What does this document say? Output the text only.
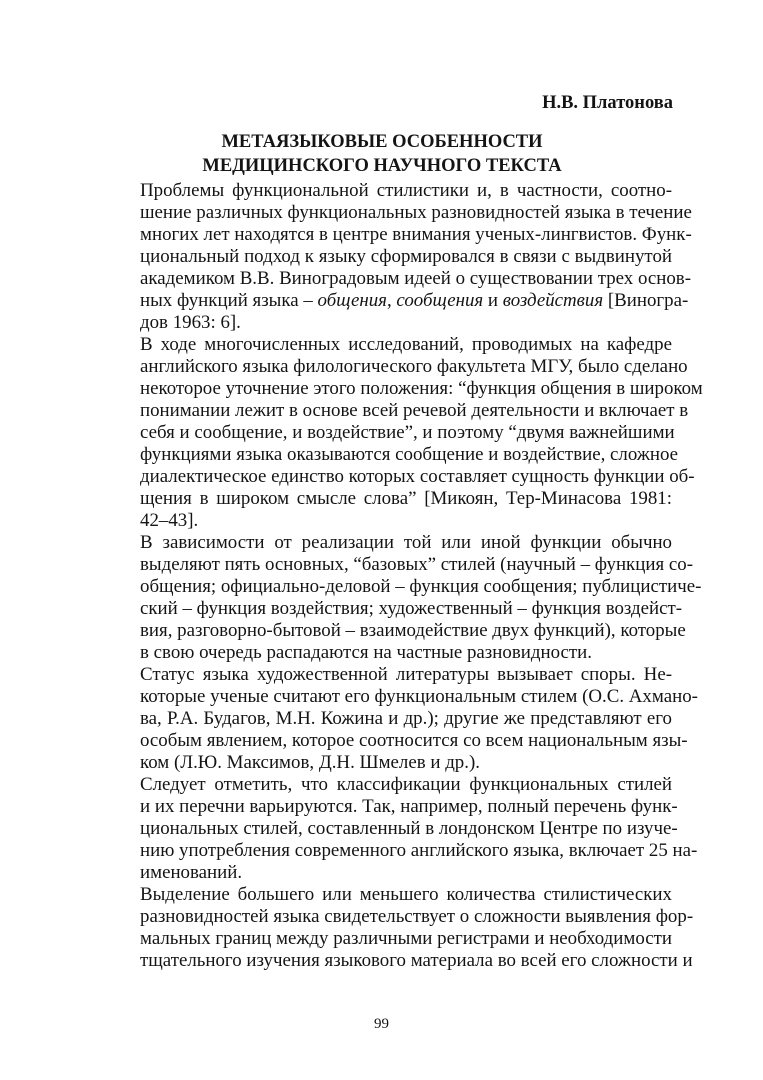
Н.В. Платонова
МЕТАЯЗЫКОВЫЕ ОСОБЕННОСТИ
МЕДИЦИНСКОГО НАУЧНОГО ТЕКСТА

Проблемы функциональной стилистики и, в частности, соотно-
шение различных функциональных разновидностей языка в течение
многих лет находятся в центре внимания ученых-лингвистов. Функ-
циональный подход к языку сформировался в связи с выдвинутой
академиком В.В. Виноградовым идеей о существовании трех основ-
ных функций языка – общения, сообщения и воздействия [Виногра-
дов 1963: 6].

В ходе многочисленных исследований, проводимых на кафедре
английского языка филологического факультета МГУ, было сделано
некоторое уточнение этого положения: “функция общения в широком
понимании лежит в основе всей речевой деятельности и включает в
себя и сообщение, и воздействие”, и поэтому “двумя важнейшими
функциями языка оказываются сообщение и воздействие, сложное
диалектическое единство которых составляет сущность функции об-
щения в широком смысле слова” [Микоян, Тер-Минасова 1981:
42–43].

В зависимости от реализации той или иной функции обычно
выделяют пять основных, “базовых” стилей (научный – функция со-
общения; официально-деловой – функция сообщения; публицистиче-
ский – функция воздействия; художественный – функция воздейст-
вия, разговорно-бытовой – взаимодействие двух функций), которые
в свою очередь распадаются на частные разновидности.

Статус языка художественной литературы вызывает споры. Не-
которые ученые считают его функциональным стилем (О.С. Ахмано-
ва, Р.А. Будагов, М.Н. Кожина и др.); другие же представляют его
особым явлением, которое соотносится со всем национальным язы-
ком (Л.Ю. Максимов, Д.Н. Шмелев и др.).

Следует отметить, что классификации функциональных стилей
и их перечни варьируются. Так, например, полный перечень функ-
циональных стилей, составленный в лондонском Центре по изуче-
нию употребления современного английского языка, включает 25 на-
именований.

Выделение большего или меньшего количества стилистических
разновидностей языка свидетельствует о сложности выявления фор-
мальных границ между различными регистрами и необходимости
тщательного изучения языкового материала во всей его сложности и

99
